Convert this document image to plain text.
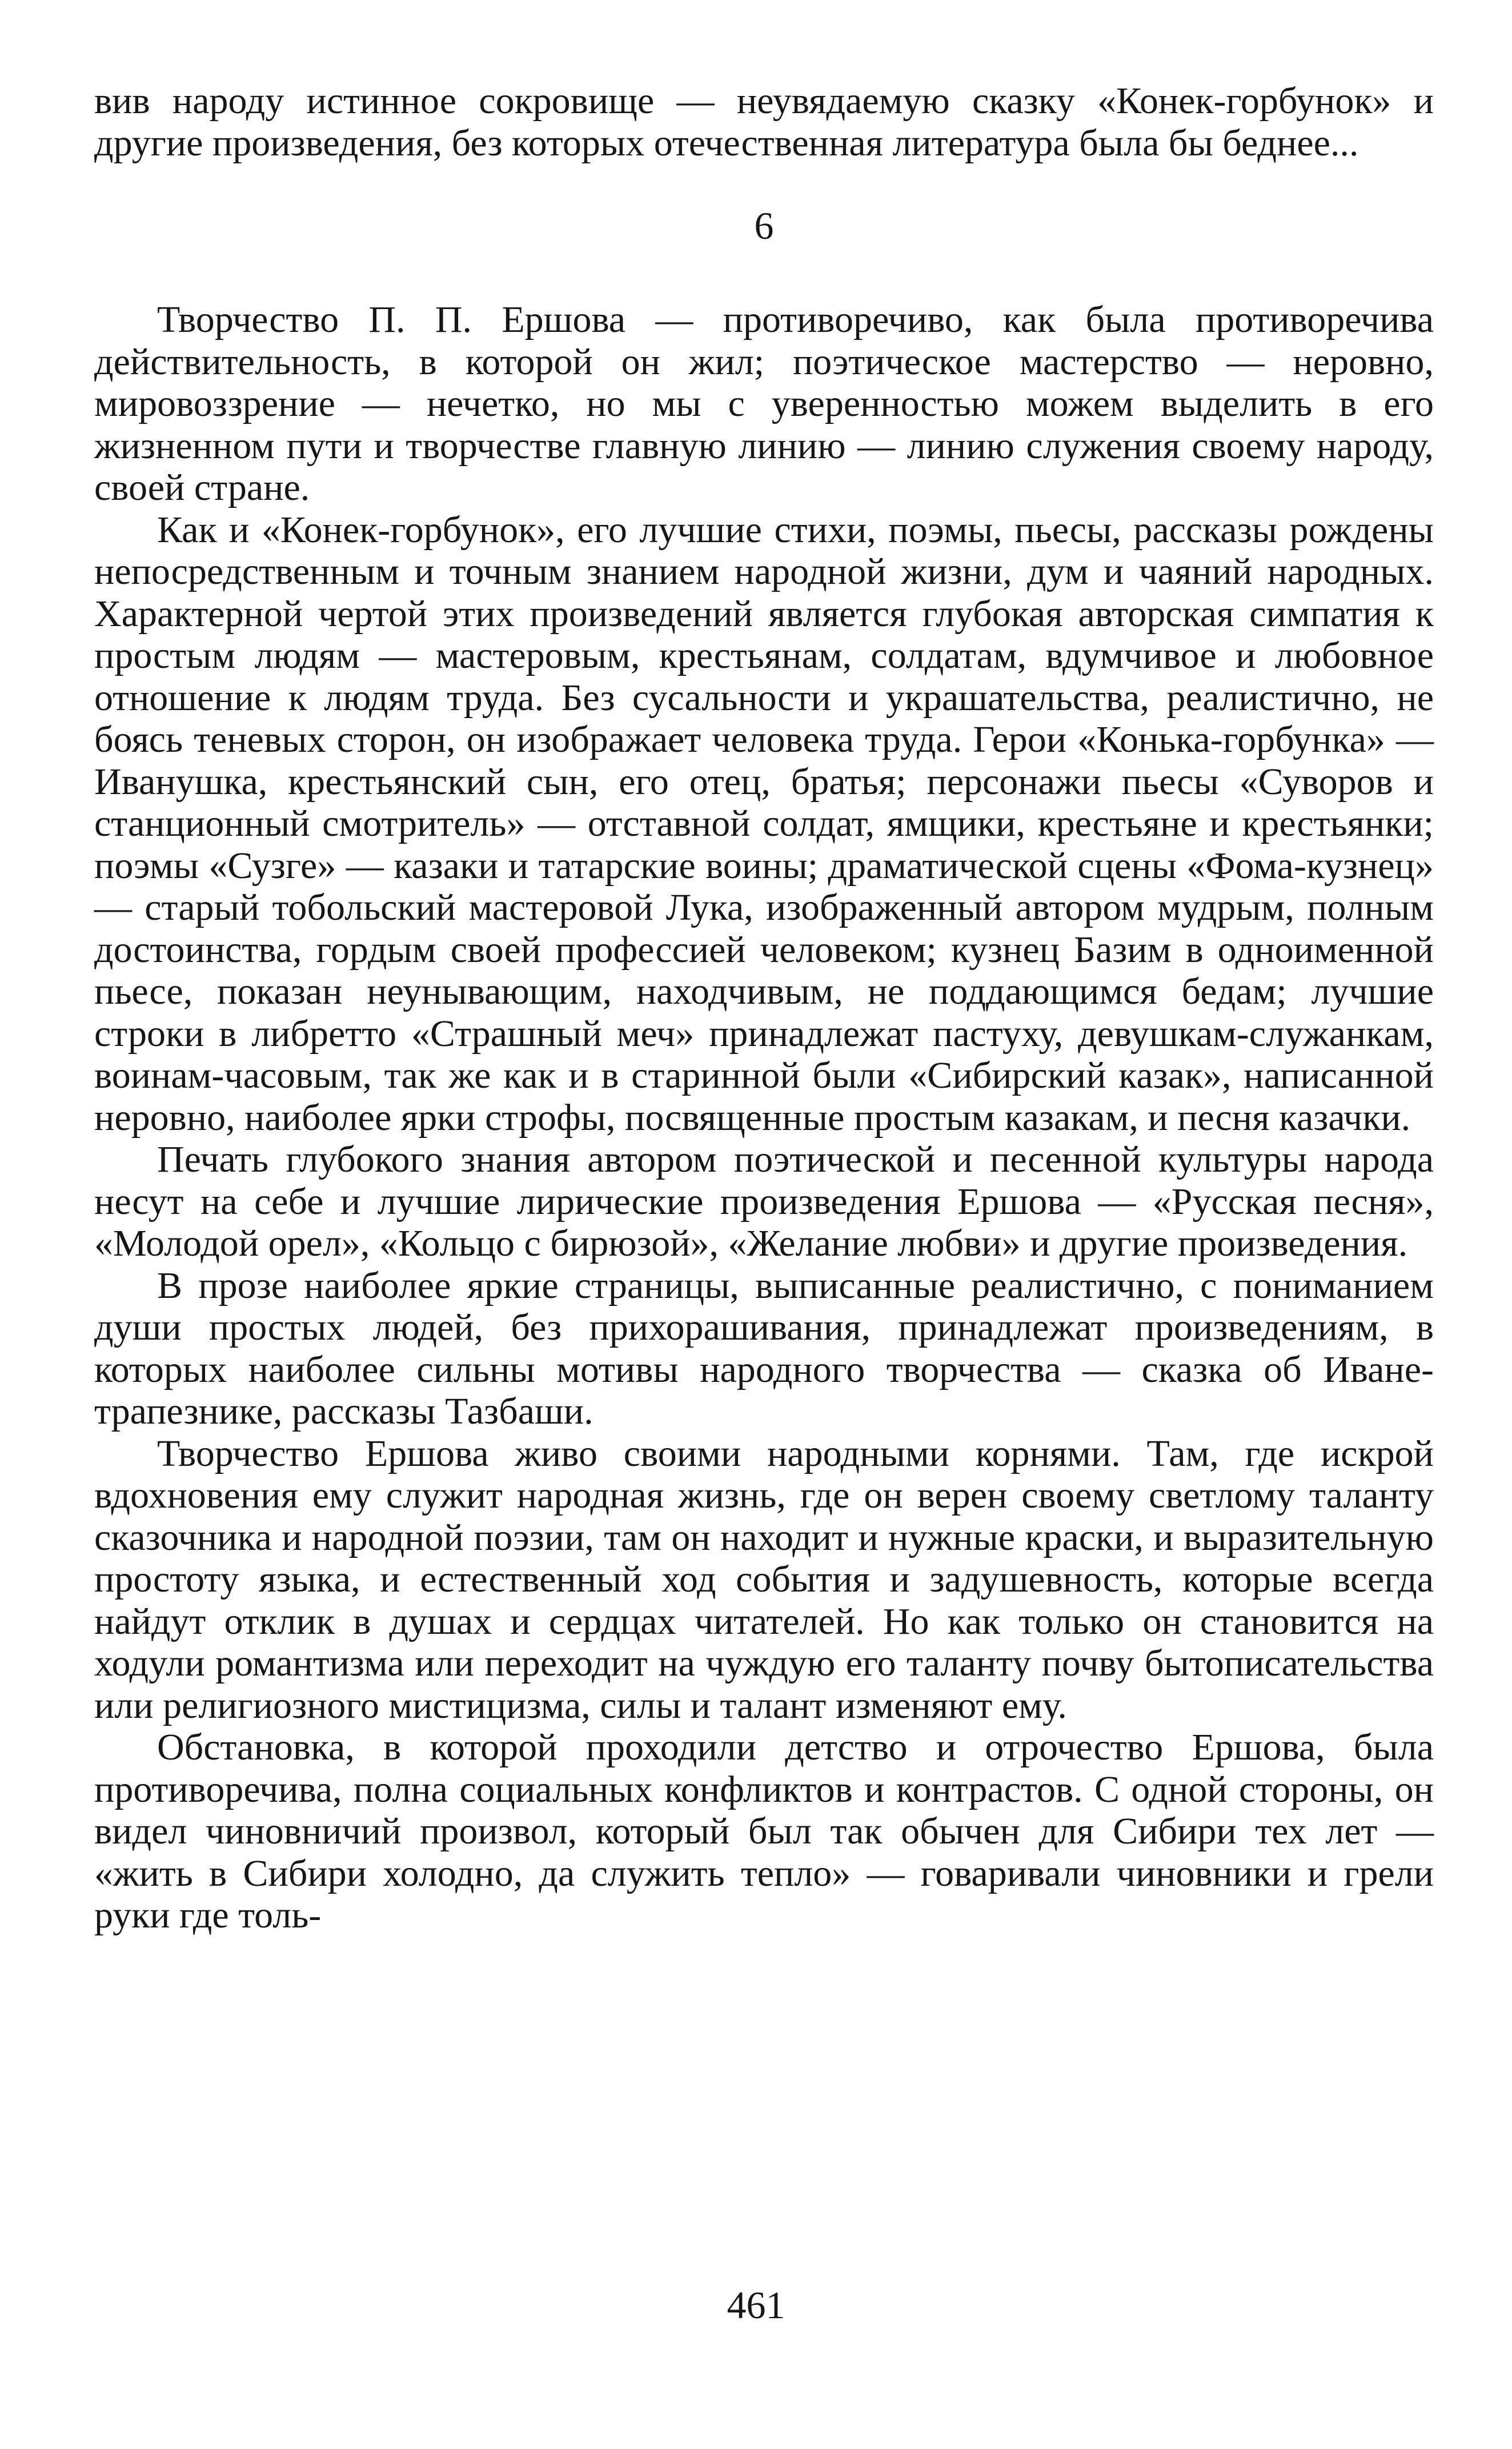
вив народу истинное сокровище — неувядаемую сказку «Конек-горбунок» и другие произведения, без которых отечественная литература была бы беднее...

6

Творчество П. П. Ершова — противоречиво, как была противоречива действительность, в которой он жил; поэтическое мастерство — неровно, мировоззрение — нечетко, но мы с уверенностью можем выделить в его жизненном пути и творчестве главную линию — линию служения своему народу, своей стране.

Как и «Конек-горбунок», его лучшие стихи, поэмы, пьесы, рассказы рождены непосредственным и точным знанием народной жизни, дум и чаяний народных. Характерной чертой этих произведений является глубокая авторская симпатия к простым людям — мастеровым, крестьянам, солдатам, вдумчивое и любовное отношение к людям труда. Без сусальности и украшательства, реалистично, не боясь теневых сторон, он изображает человека труда. Герои «Конька-горбунка» — Иванушка, крестьянский сын, его отец, братья; персонажи пьесы «Суворов и станционный смотритель» — отставной солдат, ямщики, крестьяне и крестьянки; поэмы «Сузге» — казаки и татарские воины; драматической сцены «Фома-кузнец» — старый тобольский мастеровой Лука, изображенный автором мудрым, полным достоинства, гордым своей профессией человеком; кузнец Базим в одноименной пьесе, показан неунывающим, находчивым, не поддающимся бедам; лучшие строки в либретто «Страшный меч» принадлежат пастуху, девушкам-служанкам, воинам-часовым, так же как и в старинной были «Сибирский казак», написанной неровно, наиболее ярки строфы, посвященные простым казакам, и песня казачки.

Печать глубокого знания автором поэтической и песенной культуры народа несут на себе и лучшие лирические произведения Ершова — «Русская песня», «Молодой орел», «Кольцо с бирюзой», «Желание любви» и другие произведения.

В прозе наиболее яркие страницы, выписанные реалистично, с пониманием души простых людей, без прихорашивания, принадлежат произведениям, в которых наиболее сильны мотивы народного творчества — сказка об Иване-трапезнике, рассказы Тазбаши.

Творчество Ершова живо своими народными корнями. Там, где искрой вдохновения ему служит народная жизнь, где он верен своему светлому таланту сказочника и народной поэзии, там он находит и нужные краски, и выразительную простоту языка, и естественный ход события и задушевность, которые всегда найдут отклик в душах и сердцах читателей. Но как только он становится на ходули романтизма или переходит на чуждую его таланту почву бытописательства или религиозного мистицизма, силы и талант изменяют ему.

Обстановка, в которой проходили детство и отрочество Ершова, была противоречива, полна социальных конфликтов и контрастов. С одной стороны, он видел чиновничий произвол, который был так обычен для Сибири тех лет — «жить в Сибири холодно, да служить тепло» — говаривали чиновники и грели руки где толь-

461
